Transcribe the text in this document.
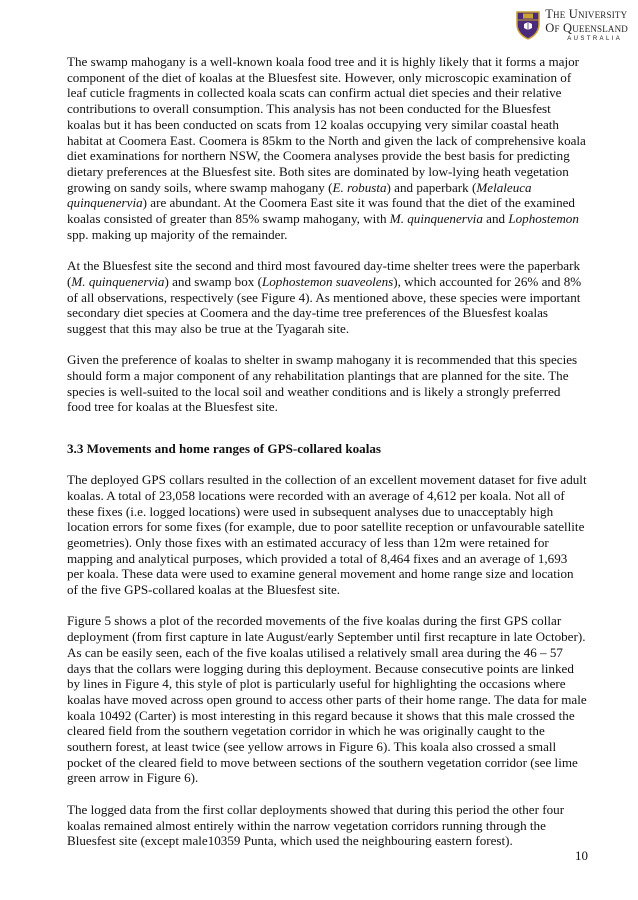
The University
Of Queensland
AUSTRALIA

The swamp mahogany is a well-known koala food tree and it is highly likely that it forms a major component of the diet of koalas at the Bluesfest site. However, only microscopic examination of leaf cuticle fragments in collected koala scats can confirm actual diet species and their relative contributions to overall consumption. This analysis has not been conducted for the Bluesfest koalas but it has been conducted on scats from 12 koalas occupying very similar coastal heath habitat at Coomera East. Coomera is 85km to the North and given the lack of comprehensive koala diet examinations for northern NSW, the Coomera analyses provide the best basis for predicting dietary preferences at the Bluesfest site. Both sites are dominated by low-lying heath vegetation growing on sandy soils, where swamp mahogany (E. robusta) and paperbark (Melaleuca quinquenervia) are abundant. At the Coomera East site it was found that the diet of the examined koalas consisted of greater than 85% swamp mahogany, with M. quinquenervia and Lophostemon spp. making up majority of the remainder.

At the Bluesfest site the second and third most favoured day-time shelter trees were the paperbark (M. quinquenervia) and swamp box (Lophostemon suaveolens), which accounted for 26% and 8% of all observations, respectively (see Figure 4). As mentioned above, these species were important secondary diet species at Coomera and the day-time tree preferences of the Bluesfest koalas suggest that this may also be true at the Tyagarah site.

Given the preference of koalas to shelter in swamp mahogany it is recommended that this species should form a major component of any rehabilitation plantings that are planned for the site. The species is well-suited to the local soil and weather conditions and is likely a strongly preferred food tree for koalas at the Bluesfest site.

3.3 Movements and home ranges of GPS-collared koalas

The deployed GPS collars resulted in the collection of an excellent movement dataset for five adult koalas. A total of 23,058 locations were recorded with an average of 4,612 per koala. Not all of these fixes (i.e. logged locations) were used in subsequent analyses due to unacceptably high location errors for some fixes (for example, due to poor satellite reception or unfavourable satellite geometries). Only those fixes with an estimated accuracy of less than 12m were retained for mapping and analytical purposes, which provided a total of 8,464 fixes and an average of 1,693 per koala. These data were used to examine general movement and home range size and location of the five GPS-collared koalas at the Bluesfest site.

Figure 5 shows a plot of the recorded movements of the five koalas during the first GPS collar deployment (from first capture in late August/early September until first recapture in late October). As can be easily seen, each of the five koalas utilised a relatively small area during the 46 – 57 days that the collars were logging during this deployment. Because consecutive points are linked by lines in Figure 4, this style of plot is particularly useful for highlighting the occasions where koalas have moved across open ground to access other parts of their home range. The data for male koala 10492 (Carter) is most interesting in this regard because it shows that this male crossed the cleared field from the southern vegetation corridor in which he was originally caught to the southern forest, at least twice (see yellow arrows in Figure 6). This koala also crossed a small pocket of the cleared field to move between sections of the southern vegetation corridor (see lime green arrow in Figure 6).

The logged data from the first collar deployments showed that during this period the other four koalas remained almost entirely within the narrow vegetation corridors running through the Bluesfest site (except male10359 Punta, which used the neighbouring eastern forest).

10
